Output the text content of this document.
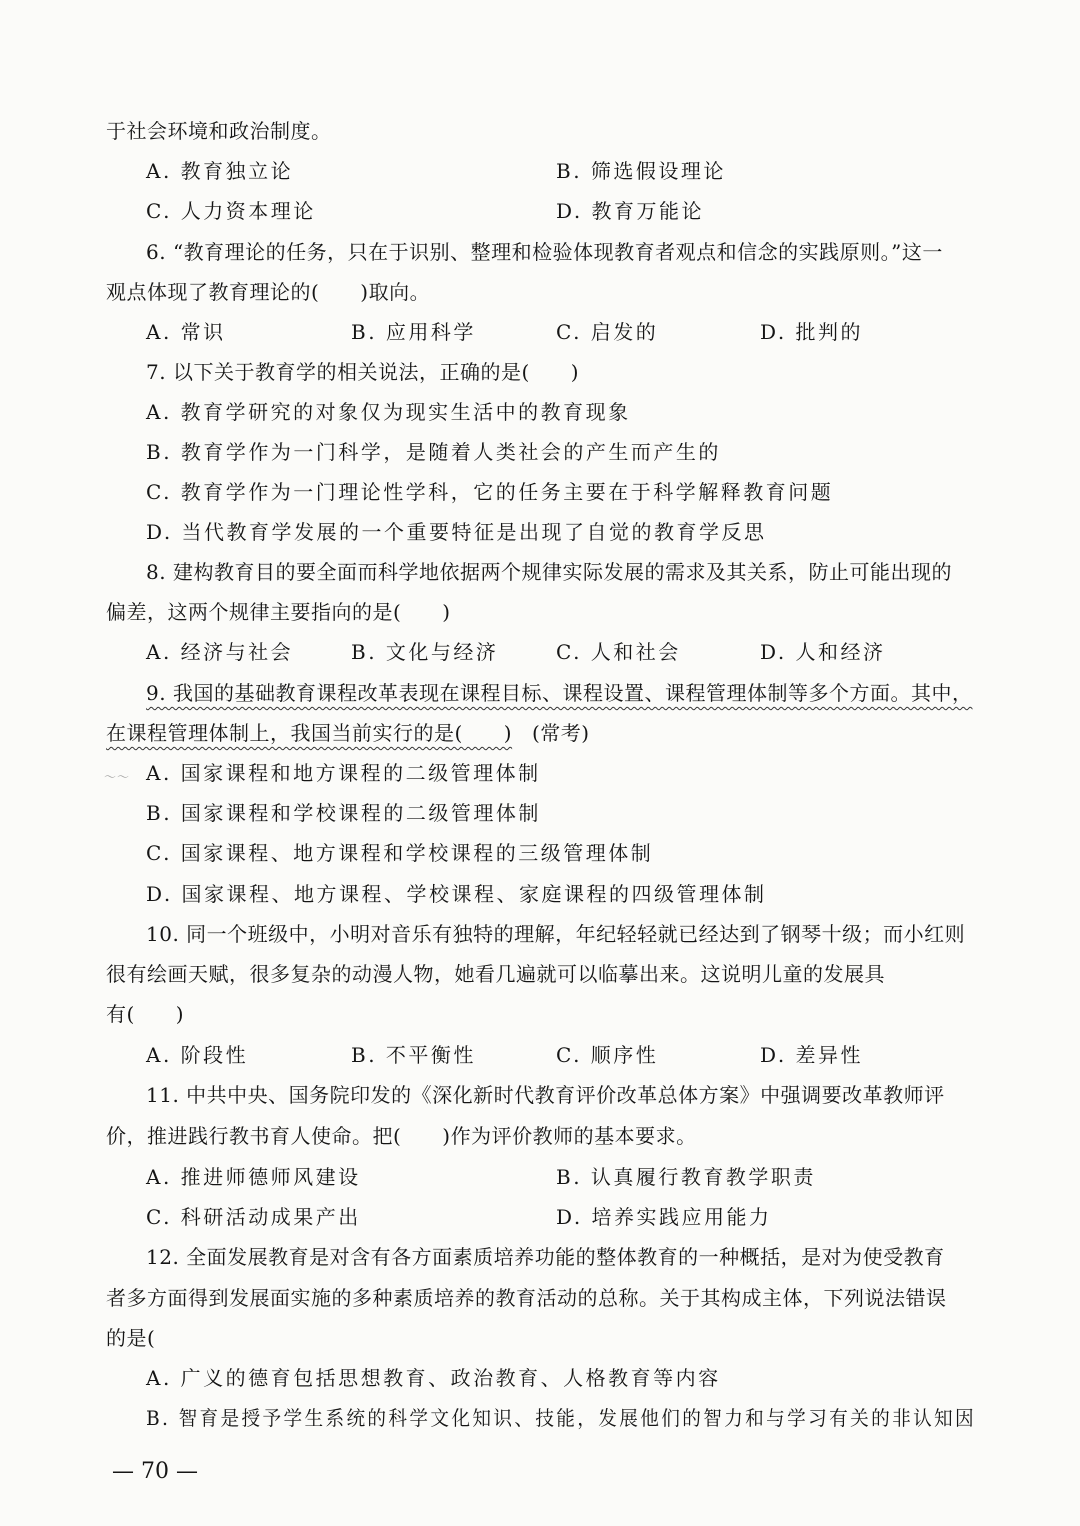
于社会环境和政治制度。
A. 教育独立论	B. 筛选假设理论
C. 人力资本理论	D. 教育万能论
6. “教育理论的任务，只在于识别、整理和检验体现教育者观点和信念的实践原则。”这一
观点体现了教育理论的(　　)取向。
A. 常识	B. 应用科学	C. 启发的	D. 批判的
7. 以下关于教育学的相关说法，正确的是(　　)
A. 教育学研究的对象仅为现实生活中的教育现象
B. 教育学作为一门科学，是随着人类社会的产生而产生的
C. 教育学作为一门理论性学科，它的任务主要在于科学解释教育问题
D. 当代教育学发展的一个重要特征是出现了自觉的教育学反思
8. 建构教育目的要全面而科学地依据两个规律实际发展的需求及其关系，防止可能出现的
偏差，这两个规律主要指向的是(　　)
A. 经济与社会	B. 文化与经济	C. 人和社会	D. 人和经济
9. 我国的基础教育课程改革表现在课程目标、课程设置、课程管理体制等多个方面。其中，
在课程管理体制上，我国当前实行的是(　　) (常考)
～～ A. 国家课程和地方课程的二级管理体制
B. 国家课程和学校课程的二级管理体制
C. 国家课程、地方课程和学校课程的三级管理体制
D. 国家课程、地方课程、学校课程、家庭课程的四级管理体制
10. 同一个班级中，小明对音乐有独特的理解，年纪轻轻就已经达到了钢琴十级；而小红则
很有绘画天赋，很多复杂的动漫人物，她看几遍就可以临摹出来。这说明儿童的发展具
有(　　)
A. 阶段性	B. 不平衡性	C. 顺序性	D. 差异性
11. 中共中央、国务院印发的《深化新时代教育评价改革总体方案》中强调要改革教师评
价，推进践行教书育人使命。把(　　)作为评价教师的基本要求。
A. 推进师德师风建设	B. 认真履行教育教学职责
C. 科研活动成果产出	D. 培养实践应用能力
12. 全面发展教育是对含有各方面素质培养功能的整体教育的一种概括，是对为使受教育
者多方面得到发展面实施的多种素质培养的教育活动的总称。关于其构成主体，下列说法错误
的是(
A. 广义的德育包括思想教育、政治教育、人格教育等内容
B. 智育是授予学生系统的科学文化知识、技能，发展他们的智力和与学习有关的非认知因
— 70 —
